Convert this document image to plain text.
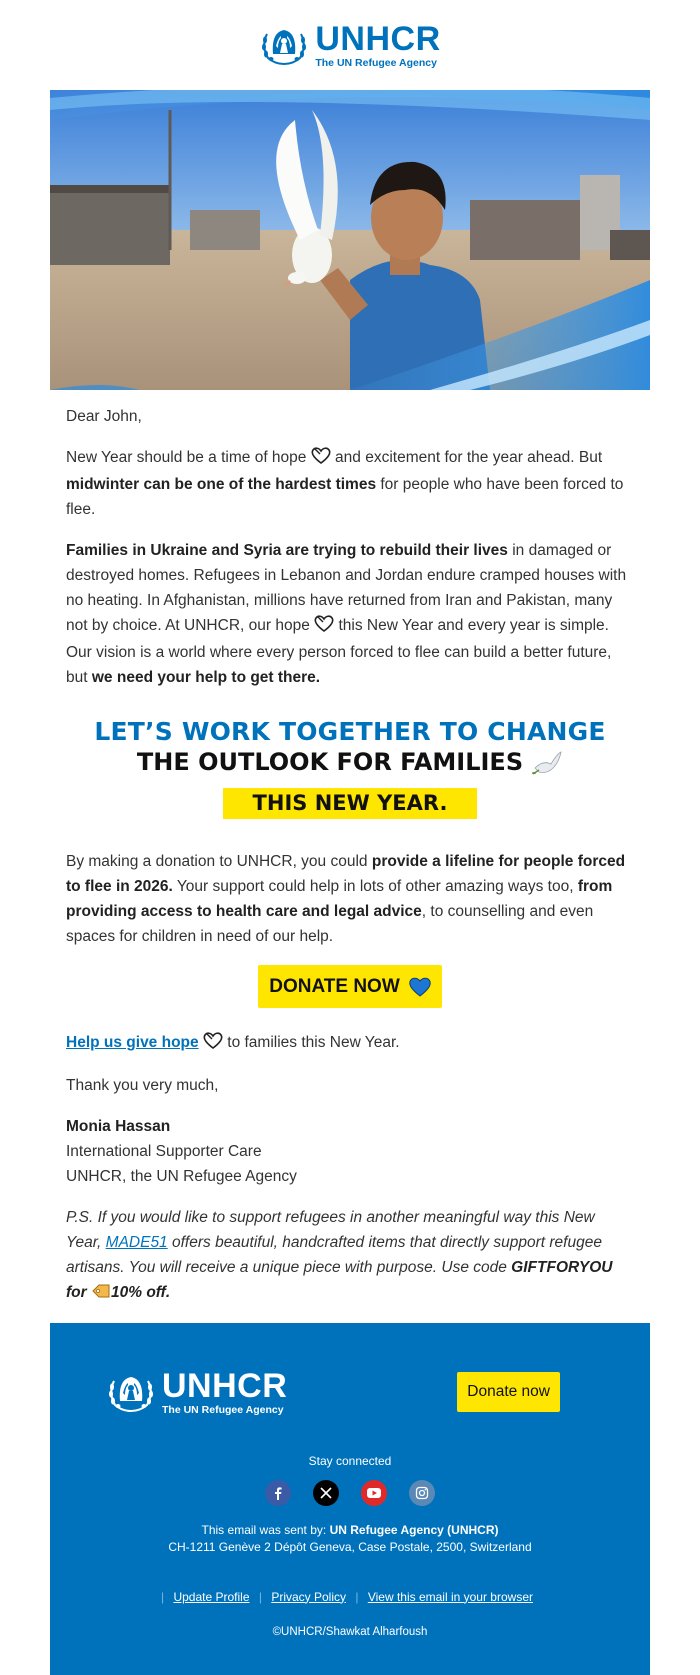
UNHCR
The UN Refugee Agency

Dear John,

New Year should be a time of hope and excitement for the year ahead. But midwinter can be one of the hardest times for people who have been forced to flee.

Families in Ukraine and Syria are trying to rebuild their lives in damaged or destroyed homes. Refugees in Lebanon and Jordan endure cramped houses with no heating. In Afghanistan, millions have returned from Iran and Pakistan, many not by choice. At UNHCR, our hope this New Year and every year is simple. Our vision is a world where every person forced to flee can build a better future, but we need your help to get there.

LET’S WORK TOGETHER TO CHANGE
THE OUTLOOK FOR FAMILIES
THIS NEW YEAR.

By making a donation to UNHCR, you could provide a lifeline for people forced to flee in 2026. Your support could help in lots of other amazing ways too, from providing access to health care and legal advice, to counselling and even spaces for children in need of our help.

DONATE NOW

Help us give hope to families this New Year.

Thank you very much,

Monia Hassan
International Supporter Care
UNHCR, the UN Refugee Agency

P.S. If you would like to support refugees in another meaningful way this New Year, MADE51 offers beautiful, handcrafted items that directly support refugee artisans. You will receive a unique piece with purpose. Use code GIFTFORYOU for 10% off.

UNHCR
The UN Refugee Agency
Donate now
Stay connected
This email was sent by: UN Refugee Agency (UNHCR)
CH-1211 Genève 2 Dépôt Geneva, Case Postale, 2500, Switzerland
| Update Profile | Privacy Policy | View this email in your browser
©UNHCR/Shawkat Alharfoush
